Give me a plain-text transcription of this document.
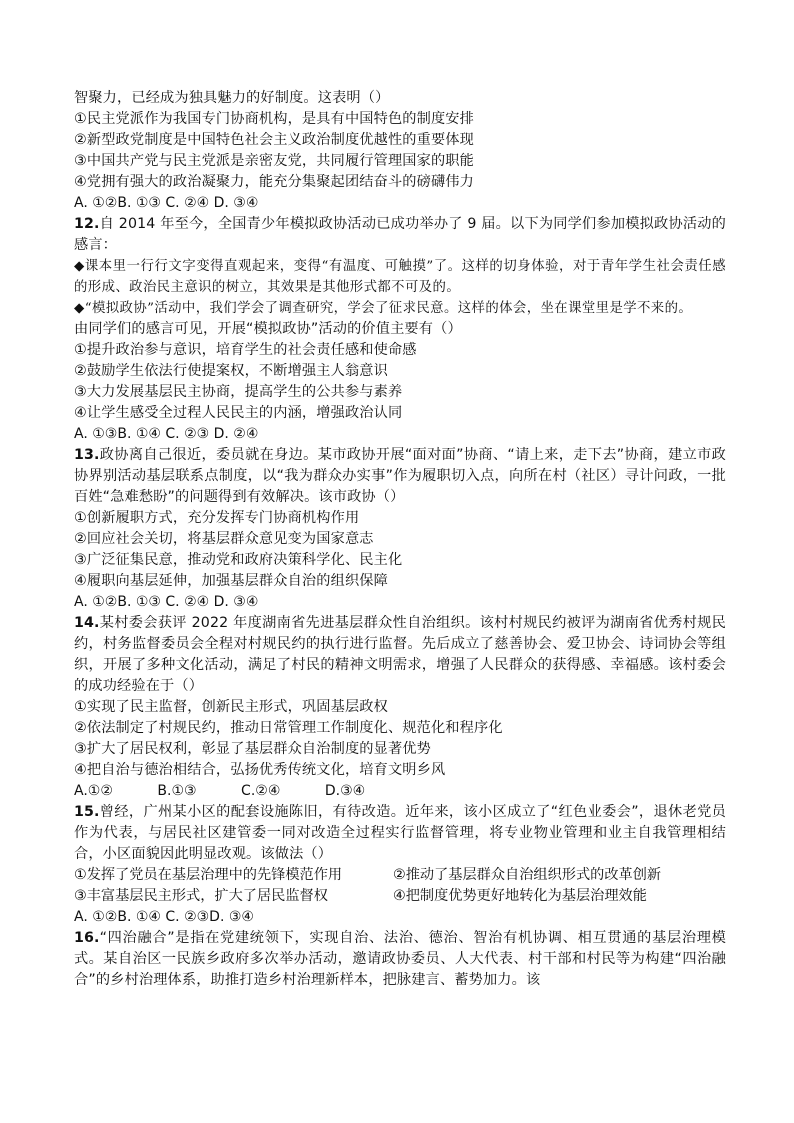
智聚力，已经成为独具魅力的好制度。这表明（）
①民主党派作为我国专门协商机构，是具有中国特色的制度安排
②新型政党制度是中国特色社会主义政治制度优越性的重要体现
③中国共产党与民主党派是亲密友党，共同履行管理国家的职能
④党拥有强大的政治凝聚力，能充分集聚起团结奋斗的磅礴伟力
A. ①②B. ①③ C. ②④ D. ③④
12.自 2014 年至今，全国青少年模拟政协活动已成功举办了 9 届。以下为同学们参加模拟政协活动的感言：
◆课本里一行行文字变得直观起来，变得“有温度、可触摸”了。这样的切身体验，对于青年学生社会责任感的形成、政治民主意识的树立，其效果是其他形式都不可及的。
◆“模拟政协”活动中，我们学会了调查研究，学会了征求民意。这样的体会，坐在课堂里是学不来的。
由同学们的感言可见，开展“模拟政协”活动的价值主要有（）
①提升政治参与意识，培育学生的社会责任感和使命感
②鼓励学生依法行使提案权，不断增强主人翁意识
③大力发展基层民主协商，提高学生的公共参与素养
④让学生感受全过程人民民主的内涵，增强政治认同
A. ①③B. ①④ C. ②③ D. ②④
13.政协离自己很近，委员就在身边。某市政协开展“面对面”协商、“请上来，走下去”协商，建立市政协界别活动基层联系点制度，以“我为群众办实事”作为履职切入点，向所在村（社区）寻计问政，一批百姓“急难愁盼”的问题得到有效解决。该市政协（）
①创新履职方式，充分发挥专门协商机构作用
②回应社会关切，将基层群众意见变为国家意志
③广泛征集民意，推动党和政府决策科学化、民主化
④履职向基层延伸，加强基层群众自治的组织保障
A. ①②B. ①③ C. ②④ D. ③④
14.某村委会获评 2022 年度湖南省先进基层群众性自治组织。该村村规民约被评为湖南省优秀村规民约，村务监督委员会全程对村规民约的执行进行监督。先后成立了慈善协会、爱卫协会、诗词协会等组织，开展了多种文化活动，满足了村民的精神文明需求，增强了人民群众的获得感、幸福感。该村委会的成功经验在于（）
①实现了民主监督，创新民主形式，巩固基层政权
②依法制定了村规民约，推动日常管理工作制度化、规范化和程序化
③扩大了居民权利，彰显了基层群众自治制度的显著优势
④把自治与德治相结合，弘扬优秀传统文化，培育文明乡风
A.①②          B.①③          C.②④          D.③④
15.曾经，广州某小区的配套设施陈旧，有待改造。近年来，该小区成立了“红色业委会”，退休老党员作为代表，与居民社区建管委一同对改造全过程实行监督管理，将专业物业管理和业主自我管理相结合，小区面貌因此明显改观。该做法（）
①发挥了党员在基层治理中的先锋模范作用	②推动了基层群众自治组织形式的改革创新
③丰富基层民主形式，扩大了居民监督权	④把制度优势更好地转化为基层治理效能
A. ①②B. ①④ C. ②③D. ③④
16.“四治融合”是指在党建统领下，实现自治、法治、德治、智治有机协调、相互贯通的基层治理模式。某自治区一民族乡政府多次举办活动，邀请政协委员、人大代表、村干部和村民等为构建“四治融合”的乡村治理体系，助推打造乡村治理新样本，把脉建言、蓄势加力。该
